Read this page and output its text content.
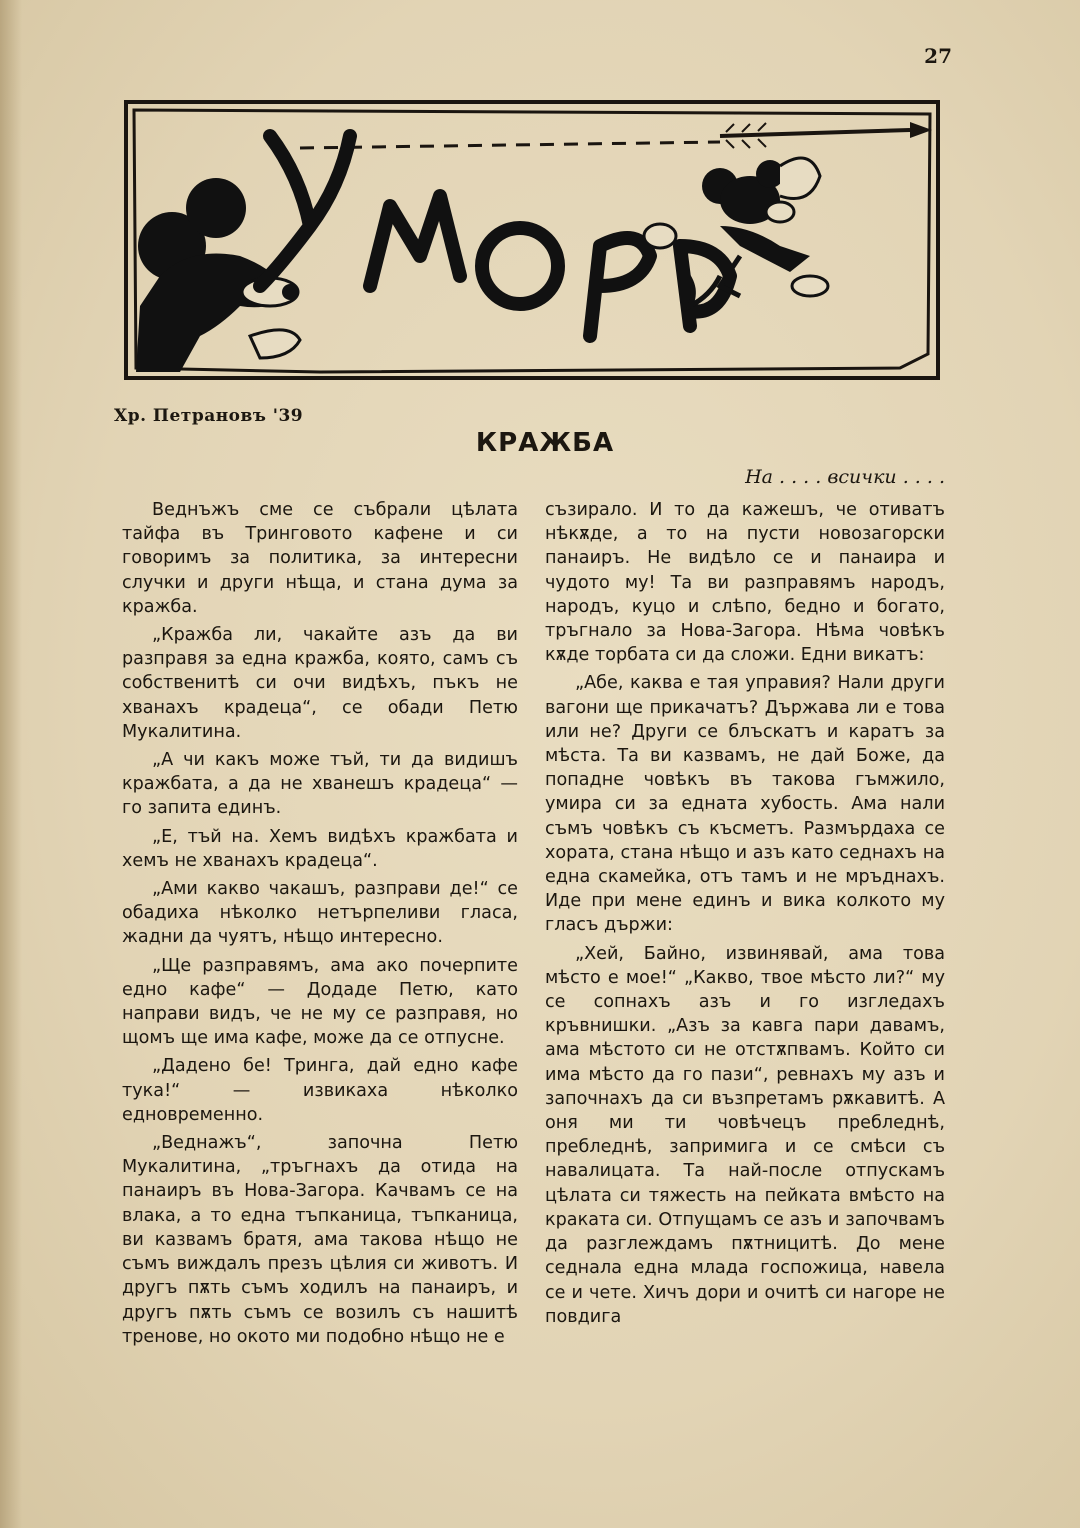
27
Хр. Петрановъ '39
КРАЖБА
На . . . . всички . . . .

Веднъжъ сме се събрали цѣлата тайфа въ Тринговото кафене и си говоримъ за политика, за интересни случки и други нѣща, и стана дума за кражба.

„Кражба ли, чакайте азъ да ви разправя за една кражба, която, самъ съ собственитѣ си очи видѣхъ, пъкъ не хванахъ крадеца“, се обади Петю Мукалитина.

„А чи какъ може тъй, ти да видишъ кражбата, а да не хванешъ крадеца“ — го запита единъ.

„Е, тъй на. Хемъ видѣхъ кражбата и хемъ не хванахъ крадеца“.

„Ами какво чакашъ, разправи де!“ се обадиха нѣколко нетърпеливи гласа, жадни да чуятъ, нѣщо интересно.

„Ще разправямъ, ама ако почерпите едно кафе“ — Додаде Петю, като направи видъ, че не му се разправя, но щомъ ще има кафе, може да се отпусне.

„Дадено бе! Тринга, дай едно кафе тука!“ — извикаха нѣколко едновременно.

„Веднажъ“, започна Петю Мукалитина, „тръгнахъ да отида на панаиръ въ Нова-Загора. Качвамъ се на влака, а то една тъпканица, тъпканица, ви казвамъ братя, ама такова нѣщо не съмъ виждалъ презъ цѣлия си животъ. И другъ пѫть съмъ ходилъ на панаиръ, и другъ пѫть съмъ се возилъ съ нашитѣ тренове, но окото ми подобно нѣщо не е

съзирало. И то да кажешъ, че отиватъ нѣкѫде, а то на пусти новозагорски панаиръ. Не видѣло се и панаира и чудото му! Та ви разправямъ народъ, народъ, куцо и слѣпо, бедно и богато, тръгнало за Нова-Загора. Нѣма човѣкъ кѫде торбата си да сложи. Едни викатъ:

„Абе, каква е тая управия? Нали други вагони ще прикачатъ? Държава ли е това или не? Други се блъскатъ и каратъ за мѣста. Та ви казвамъ, не дай Боже, да попадне човѣкъ въ такова гъмжило, умира си за едната хубость. Ама нали съмъ човѣкъ съ късметъ. Размърдаха се хората, стана нѣщо и азъ като седнахъ на една скамейка, отъ тамъ и не мръднахъ. Иде при мене единъ и вика колкото му гласъ държи:

„Хей, Байно, извинявай, ама това мѣсто е мое!“ „Какво, твое мѣсто ли?“ му се сопнахъ азъ и го изгледахъ кръвнишки. „Азъ за кавга пари давамъ, ама мѣстото си не отстѫпвамъ. Който си има мѣсто да го пази“, ревнахъ му азъ и започнахъ да си възпретамъ рѫкавитѣ. А оня ми ти човѣчецъ пребледнѣ, пребледнѣ, запримига и се смѣси съ навалицата. Та най-после отпускамъ цѣлата си тяжесть на пейката вмѣсто на краката си. Отпущамъ се азъ и започвамъ да разглеждамъ пѫтницитѣ. До мене седнала една млада госпожица, навела се и чете. Хичъ дори и очитѣ си нагоре не повдига
